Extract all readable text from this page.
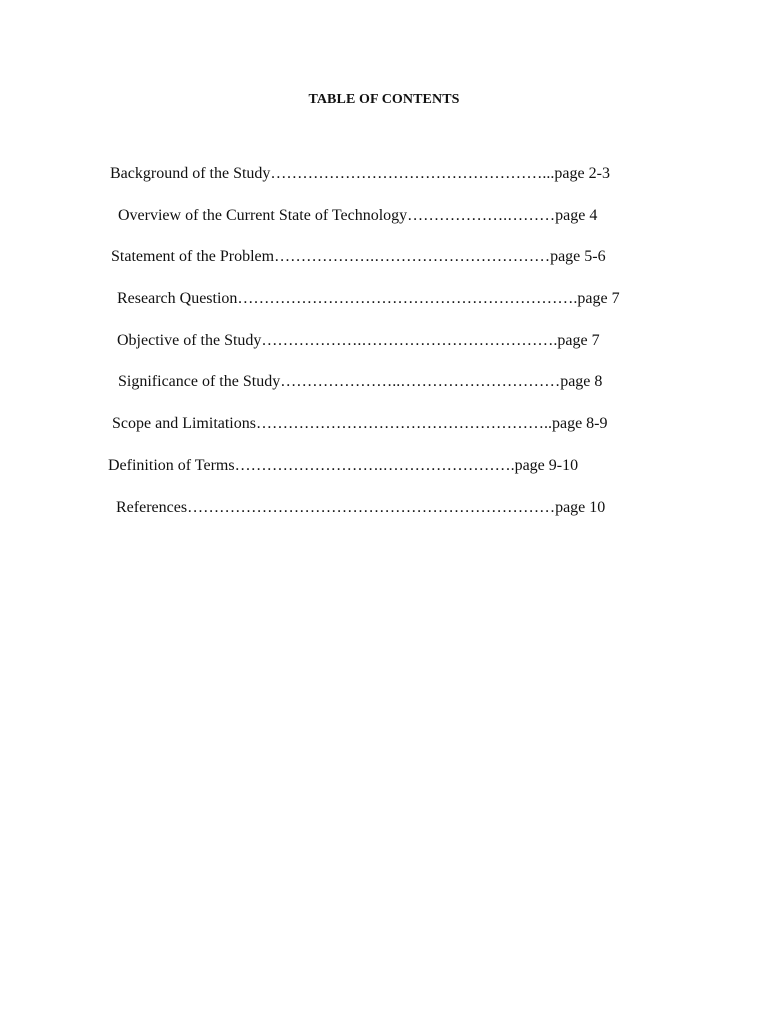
TABLE OF CONTENTS
Background of the Study……………………………………………...page 2-3
Overview of the Current State of Technology……………….………page 4
Statement of the Problem……………….……………………………page 5-6
Research Question……………………………………………………….page 7
Objective of the Study……………….……………………………….page 7
Significance of the Study…………………..…………………………page 8
Scope and Limitations………………………………………………..page 8-9
Definition of Terms……………………….…………………….page 9-10
References……………………………………………………………page 10
